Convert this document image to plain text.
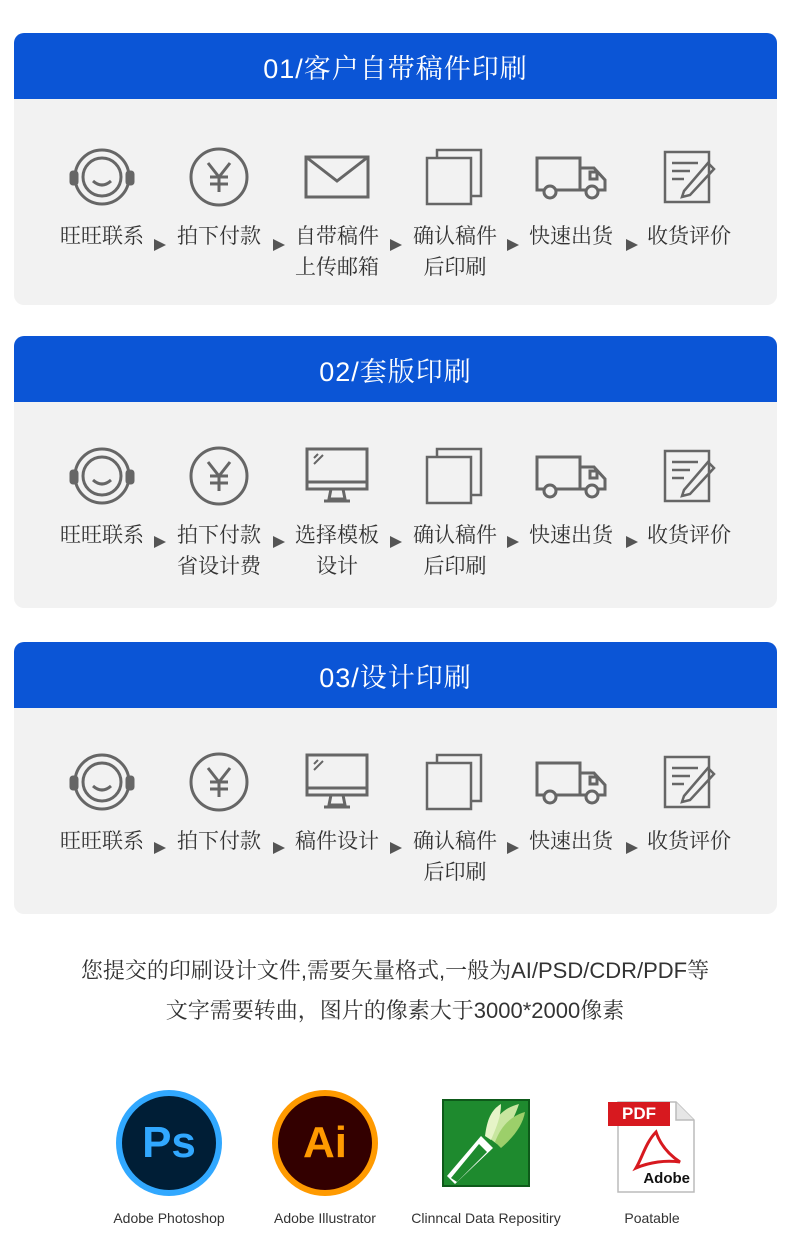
01/客户自带稿件印刷
旺旺联系	拍下付款	自带稿件
上传邮箱
确认稿件
后印刷
快速出货	收货评价
02/套版印刷
旺旺联系	拍下付款
省设计费
选择模板
设计
确认稿件
后印刷
快速出货	收货评价
03/设计印刷
旺旺联系	拍下付款	稿件设计	确认稿件
后印刷
快速出货	收货评价
您提交的印刷设计文件,需要矢量格式,一般为AI/PSD/CDR/PDF等
文字需要转曲，图片的像素大于3000*2000像素
Ps
Adobe Photoshop
Ai
Adobe Illustrator	Clinncal Data Repositiry
PDF
Adobe
Poatable
